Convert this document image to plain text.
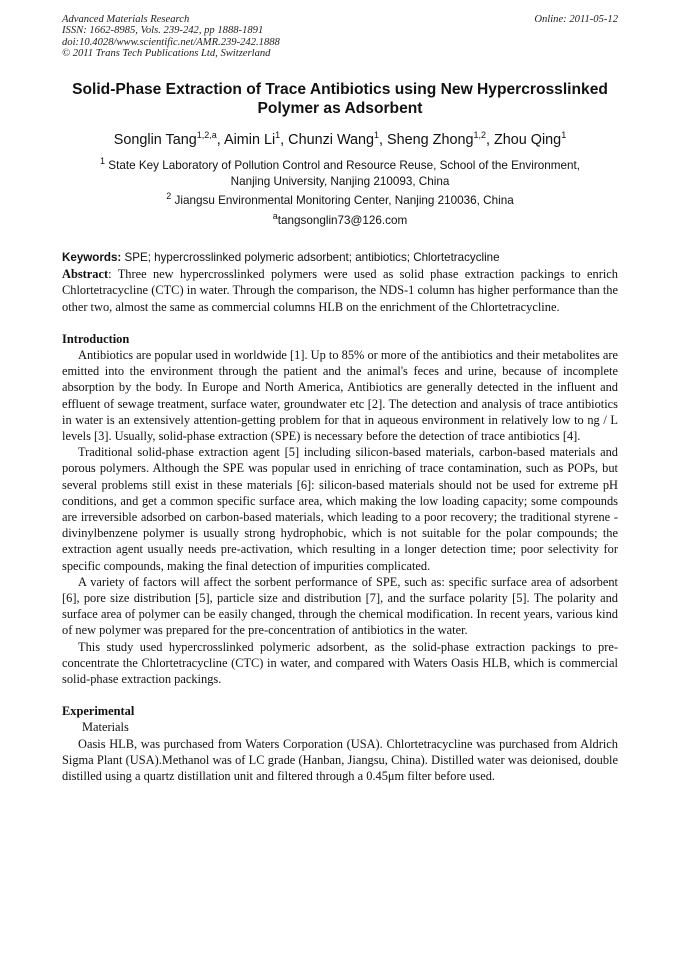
Advanced Materials Research
ISSN: 1662-8985, Vols. 239-242, pp 1888-1891
doi:10.4028/www.scientific.net/AMR.239-242.1888
© 2011 Trans Tech Publications Ltd, Switzerland
Online: 2011-05-12
Solid-Phase Extraction of Trace Antibiotics using New Hypercrosslinked Polymer as Adsorbent
Songlin Tang$^{1,2,a}$, Aimin Li$^1$, Chunzi Wang$^1$, Sheng Zhong$^{1,2}$, Zhou Qing$^1$
$^1$ State Key Laboratory of Pollution Control and Resource Reuse, School of the Environment,
Nanjing University, Nanjing 210093, China
$^2$ Jiangsu Environmental Monitoring Center, Nanjing 210036, China
$^a$tangsonglin73@126.com

Keywords: SPE; hypercrosslinked polymeric adsorbent; antibiotics; Chlortetracycline

Abstract: Three new hypercrosslinked polymers were used as solid phase extraction packings to enrich Chlortetracycline (CTC) in water. Through the comparison, the NDS-1 column has higher performance than the other two, almost the same as commercial columns HLB on the enrichment of the Chlortetracycline.

Introduction

Antibiotics are popular used in worldwide [1]. Up to 85% or more of the antibiotics and their metabolites are emitted into the environment through the patient and the animal's feces and urine, because of incomplete absorption by the body. In Europe and North America, Antibiotics are generally detected in the influent and effluent of sewage treatment, surface water, groundwater etc [2]. The detection and analysis of trace antibiotics in water is an extensively attention-getting problem for that in aqueous environment in relatively low to ng / L levels [3]. Usually, solid-phase extraction (SPE) is necessary before the detection of trace antibiotics [4].

Traditional solid-phase extraction agent [5] including silicon-based materials, carbon-based materials and porous polymers. Although the SPE was popular used in enriching of trace contamination, such as POPs, but several problems still exist in these materials [6]: silicon-based materials should not be used for extreme pH conditions, and get a common specific surface area, which making the low loading capacity; some compounds are irreversible adsorbed on carbon-based materials, which leading to a poor recovery; the traditional styrene - divinylbenzene polymer is usually strong hydrophobic, which is not suitable for the polar compounds; the extraction agent usually needs pre-activation, which resulting in a longer detection time; poor selectivity for specific compounds, making the final detection of impurities complicated.

A variety of factors will affect the sorbent performance of SPE, such as: specific surface area of adsorbent [6], pore size distribution [5], particle size and distribution [7], and the surface polarity [5]. The polarity and surface area of polymer can be easily changed, through the chemical modification. In recent years, various kind of new polymer was prepared for the pre-concentration of antibiotics in the water.

This study used hypercrosslinked polymeric adsorbent, as the solid-phase extraction packings to pre-concentrate the Chlortetracycline (CTC) in water, and compared with Waters Oasis HLB, which is commercial solid-phase extraction packings.

Experimental
Materials

Oasis HLB, was purchased from Waters Corporation (USA). Chlortetracycline was purchased from Aldrich Sigma Plant (USA).Methanol was of LC grade (Hanban, Jiangsu, China). Distilled water was deionised, double distilled using a quartz distillation unit and filtered through a 0.45μm filter before used.
